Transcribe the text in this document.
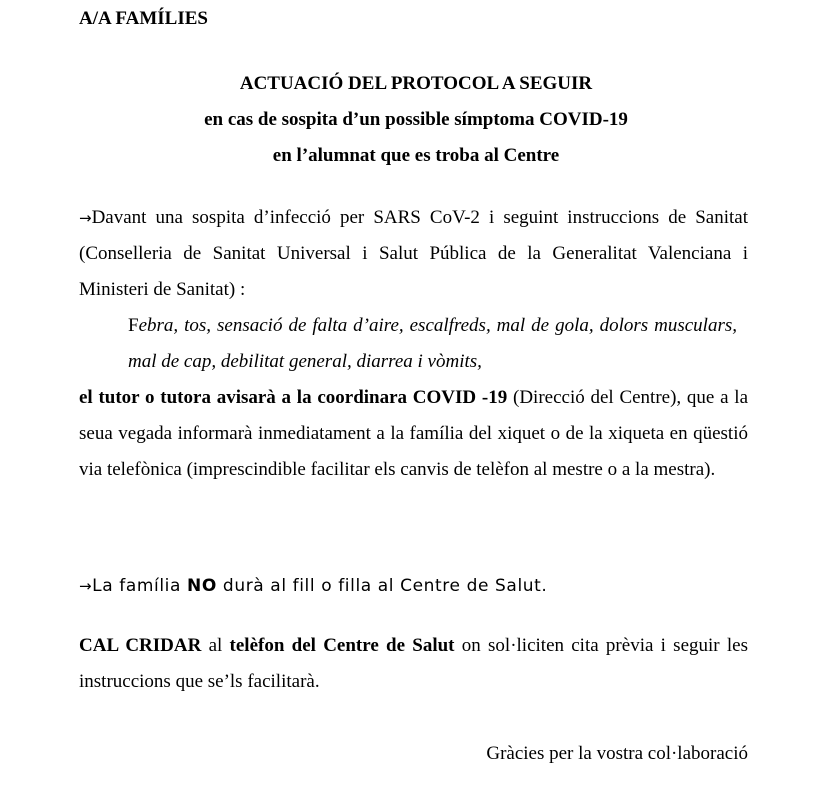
A/A FAMÍLIES
ACTUACIÓ DEL PROTOCOL A SEGUIR
en cas de sospita d’un possible símptoma COVID-19
en l’alumnat que es troba al Centre
→Davant una sospita d’infecció per SARS CoV-2 i seguint instruccions de Sanitat (Conselleria de Sanitat Universal i Salut Pública de la Generalitat Valenciana i Ministeri de Sanitat) :
Febra, tos, sensació de falta d’aire, escalfreds, mal de gola, dolors musculars, mal de cap, debilitat general, diarrea i vòmits,
el tutor o tutora avisarà a la coordinara COVID -19 (Direcció del Centre), que a la seua vegada informarà inmediatament a la família del xiquet o de la xiqueta en qüestió via telefònica (imprescindible facilitar els canvis de telèfon al mestre o a la mestra).
→La família NO durà al fill o filla al Centre de Salut.
CAL CRIDAR al telèfon del Centre de Salut on sol·liciten cita prèvia i seguir les instruccions que se’ls facilitarà.
Gràcies per la vostra col·laboració
